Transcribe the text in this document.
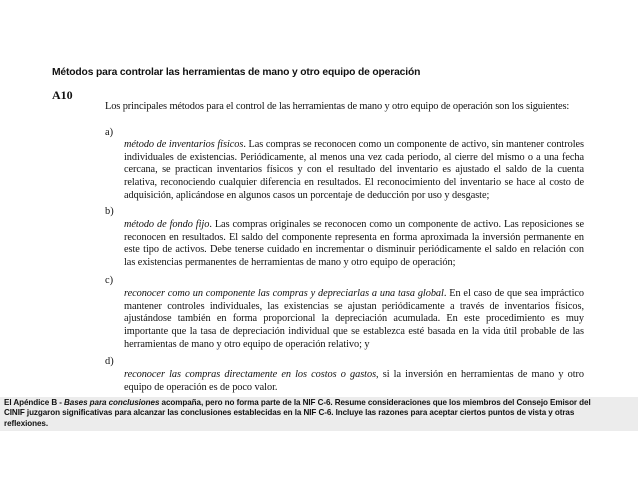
Métodos para controlar las herramientas de mano y otro equipo de operación
A10
Los principales métodos para el control de las herramientas de mano y otro equipo de operación son los siguientes:
a)
método de inventarios físicos. Las compras se reconocen como un componente de activo, sin mantener controles individuales de existencias. Periódicamente, al menos una vez cada periodo, al cierre del mismo o a una fecha cercana, se practican inventarios físicos y con el resultado del inventario es ajustado el saldo de la cuenta relativa, reconociendo cualquier diferencia en resultados. El reconocimiento del inventario se hace al costo de adquisición, aplicándose en algunos casos un porcentaje de deducción por uso y desgaste;
b)
método de fondo fijo. Las compras originales se reconocen como un componente de activo. Las reposiciones se reconocen en resultados. El saldo del componente representa en forma aproximada la inversión permanente en este tipo de activos. Debe tenerse cuidado en incrementar o disminuir periódicamente el saldo en relación con las existencias permanentes de herramientas de mano y otro equipo de operación;
c)
reconocer como un componente las compras y depreciarlas a una tasa global. En el caso de que sea impráctico mantener controles individuales, las existencias se ajustan periódicamente a través de inventarios físicos, ajustándose también en forma proporcional la depreciación acumulada. En este procedimiento es muy importante que la tasa de depreciación individual que se establezca esté basada en la vida útil probable de las herramientas de mano y otro equipo de operación relativo; y
d)
reconocer las compras directamente en los costos o gastos, si la inversión en herramientas de mano y otro equipo de operación es de poco valor.
El Apéndice B - Bases para conclusiones acompaña, pero no forma parte de la NIF C-6. Resume consideraciones que los miembros del Consejo Emisor del CINIF juzgaron significativas para alcanzar las conclusiones establecidas en la NIF C-6. Incluye las razones para aceptar ciertos puntos de vista y otras reflexiones.
